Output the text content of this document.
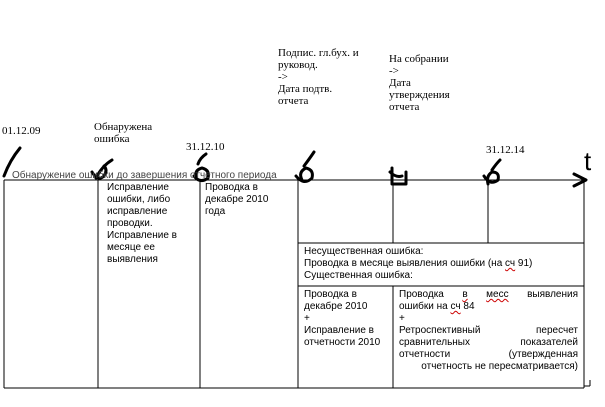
Обнаружение ошибки до завершения отчетного периода
01.12.09	Обнаружена
ошибка
31.12.10
Подпис. гл.бух. и
руковод.
->
Дата подтв.
отчета
На собрании
->
Дата
утверждения
отчета
31.12.14 t
Исправление
ошибки, либо
исправление
проводки.
Исправление в
месяце ее
выявления
Проводка в
декабре 2010
года
Несущественная ошибка:
Проводка в месяце выявления ошибки (на сч 91)
Существенная ошибка:
Проводка в
декабре 2010
+
Исправление в
отчетности 2010
Проводка в месс выявления
ошибки на сч 84
+
Ретроспективный пересчет
сравнительных показателей
отчетности (утвержденная
отчетность не пересматривается)
